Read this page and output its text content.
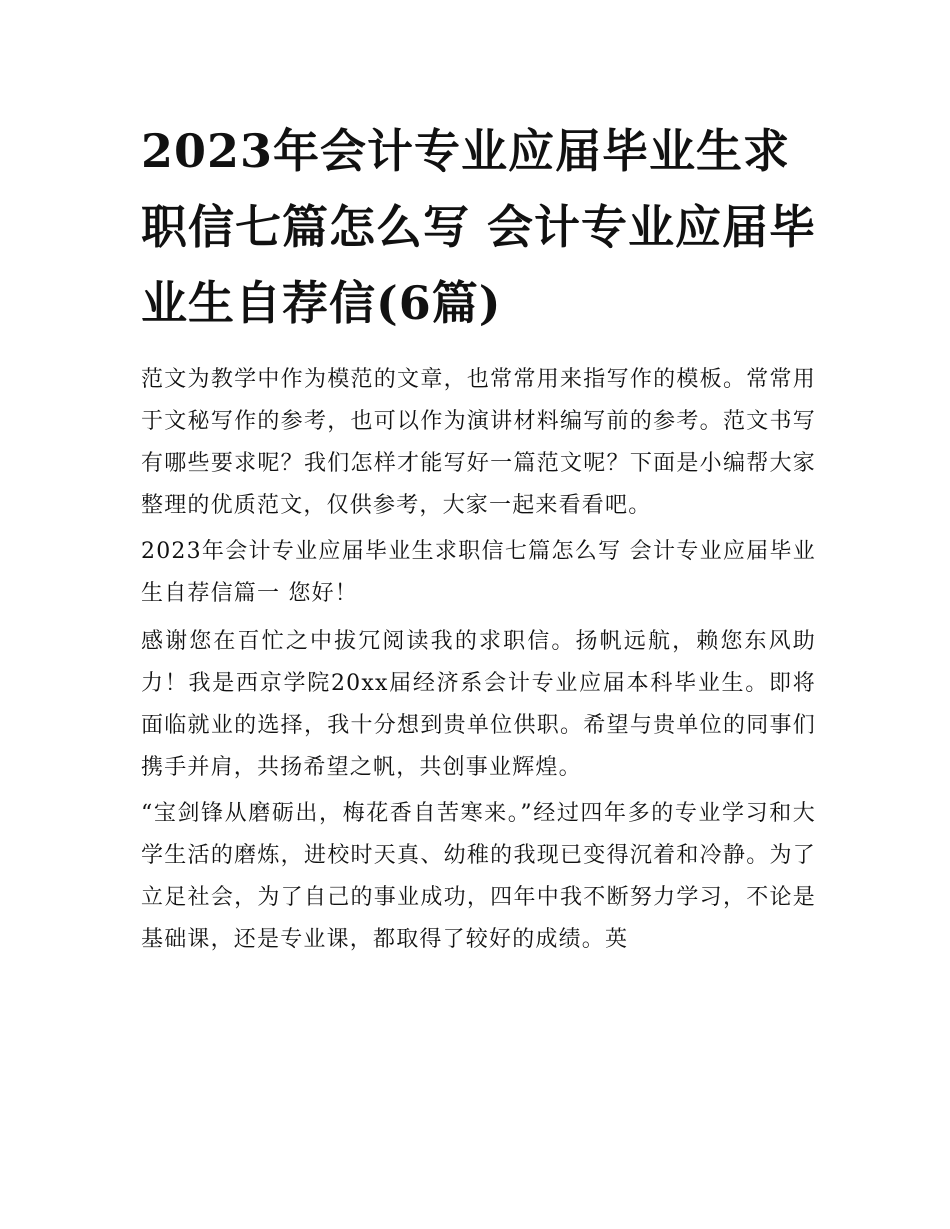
2023年会计专业应届毕业生求职信七篇怎么写 会计专业应届毕业生自荐信(6篇)

范文为教学中作为模范的文章，也常常用来指写作的模板。常常用于文秘写作的参考，也可以作为演讲材料编写前的参考。范文书写有哪些要求呢？我们怎样才能写好一篇范文呢？下面是小编帮大家整理的优质范文，仅供参考，大家一起来看看吧。

2023年会计专业应届毕业生求职信七篇怎么写 会计专业应届毕业生自荐信篇一 您好！

感谢您在百忙之中拔冗阅读我的求职信。扬帆远航，赖您东风助力！我是西京学院20xx届经济系会计专业应届本科毕业生。即将面临就业的选择，我十分想到贵单位供职。希望与贵单位的同事们携手并肩，共扬希望之帆，共创事业辉煌。

“宝剑锋从磨砺出，梅花香自苦寒来。”经过四年多的专业学习和大学生活的磨炼，进校时天真、幼稚的我现已变得沉着和冷静。为了立足社会，为了自己的事业成功，四年中我不断努力学习，不论是基础课，还是专业课，都取得了较好的成绩。英
